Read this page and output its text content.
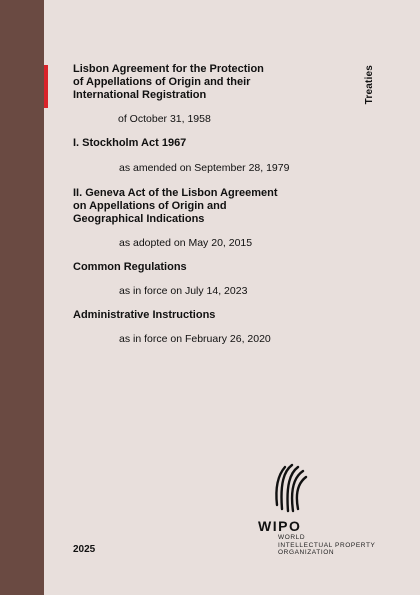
Treaties

Lisbon Agreement for the Protection of Appellations of Origin and their International Registration

of October 31, 1958

I. Stockholm Act 1967

as amended on September 28, 1979

II. Geneva Act of the Lisbon Agreement on Appellations of Origin and Geographical Indications

as adopted on May 20, 2015

Common Regulations

as in force on July 14, 2023

Administrative Instructions

as in force on February 26, 2020

2025
WIPO
WORLD
INTELLECTUAL PROPERTY
ORGANIZATION
